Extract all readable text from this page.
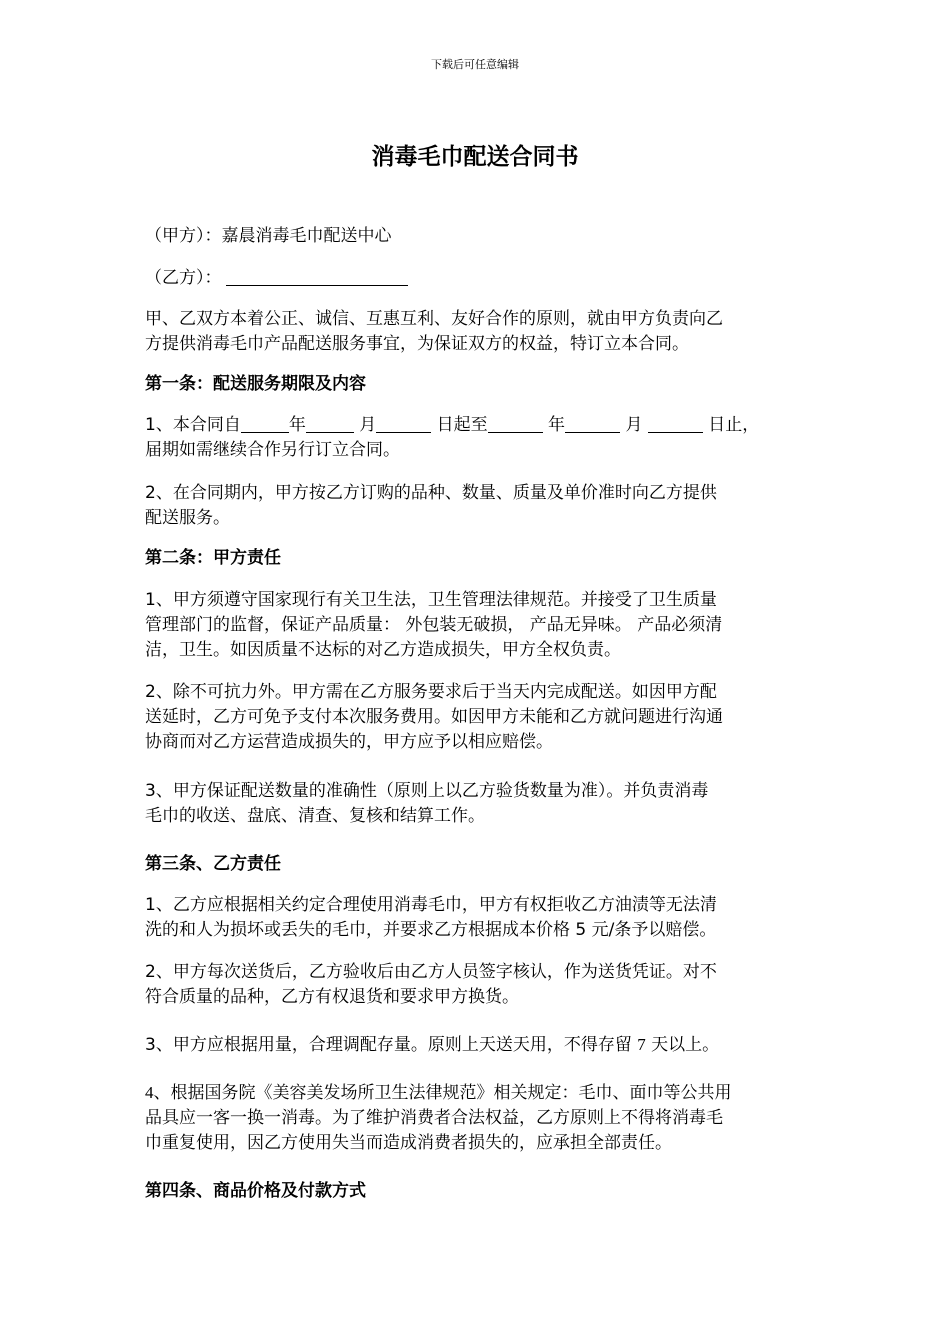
下载后可任意编辑
消毒毛巾配送合同书

（甲方）：嘉晨消毒毛巾配送中心

（乙方）：

甲、乙双方本着公正、诚信、互惠互利、友好合作的原则，就由甲方负责向乙
方提供消毒毛巾产品配送服务事宜，为保证双方的权益，特订立本合同。

第一条：配送服务期限及内容

1、本合同自	年	月	日起至	年	月	日止，
届期如需继续合作另行订立合同。

2、在合同期内，甲方按乙方订购的品种、数量、质量及单价准时向乙方提供
配送服务。

第二条：甲方责任

1、甲方须遵守国家现行有关卫生法，卫生管理法律规范。并接受了卫生质量
管理部门的监督，保证产品质量： 外包装无破损， 产品无异味。 产品必须清
洁，卫生。如因质量不达标的对乙方造成损失，甲方全权负责。

2、除不可抗力外。甲方需在乙方服务要求后于当天内完成配送。如因甲方配
送延时，乙方可免予支付本次服务费用。如因甲方未能和乙方就问题进行沟通
协商而对乙方运营造成损失的，甲方应予以相应赔偿。

3、甲方保证配送数量的准确性（原则上以乙方验货数量为准）。并负责消毒
毛巾的收送、盘底、清查、复核和结算工作。

第三条、乙方责任

1、乙方应根据相关约定合理使用消毒毛巾，甲方有权拒收乙方油渍等无法清
洗的和人为损坏或丢失的毛巾，并要求乙方根据成本价格 5 元/条予以赔偿。

2、甲方每次送货后，乙方验收后由乙方人员签字核认，作为送货凭证。对不
符合质量的品种，乙方有权退货和要求甲方换货。

3、甲方应根据用量，合理调配存量。原则上天送天用，不得存留 7 天以上。

4、根据国务院《美容美发场所卫生法律规范》相关规定：毛巾、面巾等公共用
品具应一客一换一消毒。为了维护消费者合法权益，乙方原则上不得将消毒毛
巾重复使用，因乙方使用失当而造成消费者损失的，应承担全部责任。

第四条、商品价格及付款方式
